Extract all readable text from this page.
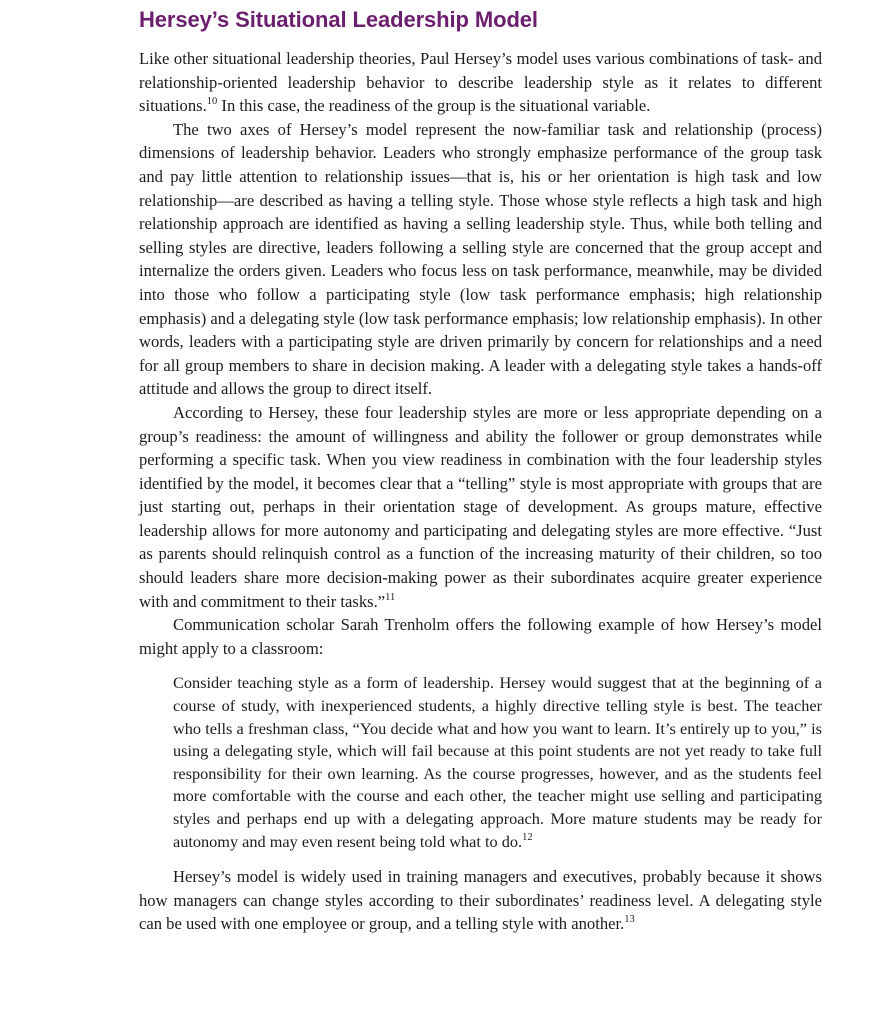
Hersey’s Situational Leadership Model

Like other situational leadership theories, Paul Hersey’s model uses various combinations of task- and relationship-oriented leadership behavior to describe leadership style as it relates to different situations.$^{10}$ In this case, the readiness of the group is the situational variable.

The two axes of Hersey’s model represent the now-familiar task and relationship (process) dimensions of leadership behavior. Leaders who strongly emphasize performance of the group task and pay little attention to relationship issues—that is, his or her orientation is high task and low relationship—are described as having a telling style. Those whose style reflects a high task and high relationship approach are identified as having a selling leadership style. Thus, while both telling and selling styles are directive, leaders following a selling style are concerned that the group accept and internalize the orders given. Leaders who focus less on task performance, meanwhile, may be divided into those who follow a participating style (low task performance emphasis; high relationship emphasis) and a delegating style (low task performance emphasis; low relationship emphasis). In other words, leaders with a participating style are driven primarily by concern for relationships and a need for all group members to share in decision making. A leader with a delegating style takes a hands-off attitude and allows the group to direct itself.

According to Hersey, these four leadership styles are more or less appropriate depending on a group’s readiness: the amount of willingness and ability the follower or group demonstrates while performing a specific task. When you view readiness in combination with the four leadership styles identified by the model, it becomes clear that a “telling” style is most appropriate with groups that are just starting out, perhaps in their orientation stage of development. As groups mature, effective leadership allows for more autonomy and participating and delegating styles are more effective. “Just as parents should relinquish control as a function of the increasing maturity of their children, so too should leaders share more decision-making power as their subordinates acquire greater experience with and commitment to their tasks.”$^{11}$

Communication scholar Sarah Trenholm offers the following example of how Hersey’s model might apply to a classroom:

Consider teaching style as a form of leadership. Hersey would suggest that at the beginning of a course of study, with inexperienced students, a highly directive telling style is best. The teacher who tells a freshman class, “You decide what and how you want to learn. It’s entirely up to you,” is using a delegating style, which will fail because at this point students are not yet ready to take full responsibility for their own learning. As the course progresses, however, and as the students feel more comfortable with the course and each other, the teacher might use selling and participating styles and perhaps end up with a delegating approach. More mature students may be ready for autonomy and may even resent being told what to do.$^{12}$

Hersey’s model is widely used in training managers and executives, probably because it shows how managers can change styles according to their subordinates’ readiness level. A delegating style can be used with one employee or group, and a telling style with another.$^{13}$
